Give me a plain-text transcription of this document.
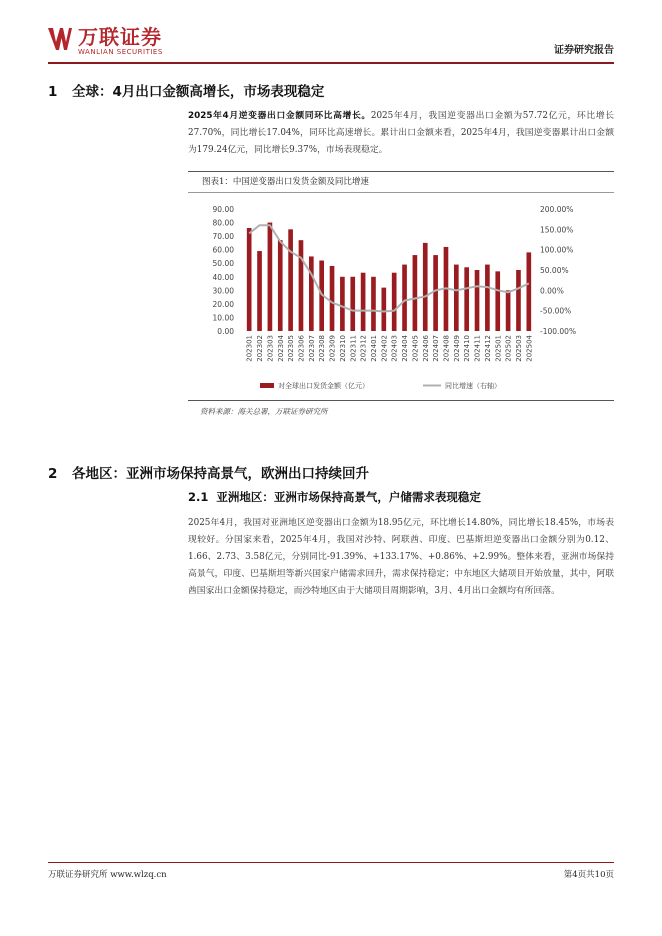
万联证券
WANLIAN SECURITIES	证券研究报告
1 全球：4月出口金额高增长，市场表现稳定
2025年4月逆变器出口金额同环比高增长。2025年4月，我国逆变器出口金额为57.72亿元，环比增长27.70%，同比增长17.04%，同环比高速增长。累计出口金额来看，2025年4月，我国逆变器累计出口金额为179.24亿元，同比增长9.37%，市场表现稳定。
图表1：中国逆变器出口发货金额及同比增速
0.00
10.00
20.00
30.00
40.00
50.00
60.00
70.00
80.00
90.00
-100.00%
-50.00%
0.00%
50.00%
100.00%
150.00%
200.00%
202301 202302 202303 202304 202305 202306 202307 202308 202309 202310 202311 202312 202401 202402 202403 202404 202405 202406 202407 202408 202409 202410 202411 202412 202501 202502 202503 202504
对全球出口发货金额（亿元）	同比增速（右轴）
资料来源：海关总署，万联证券研究所
2 各地区：亚洲市场保持高景气，欧洲出口持续回升
2.1 亚洲地区：亚洲市场保持高景气，户储需求表现稳定
2025年4月，我国对亚洲地区逆变器出口金额为18.95亿元，环比增长14.80%，同比增长18.45%，市场表现较好。分国家来看，2025年4月，我国对沙特、阿联酋、印度、巴基斯坦逆变器出口金额分别为0.12、1.66、2.73、3.58亿元，分别同比-91.39%、+133.17%、+0.86%、+2.99%。整体来看，亚洲市场保持高景气，印度、巴基斯坦等新兴国家户储需求回升，需求保持稳定；中东地区大储项目开始放量，其中，阿联酋国家出口金额保持稳定，而沙特地区由于大储项目周期影响，3月、4月出口金额均有所回落。
万联证券研究所 www.wlzq.cn	第4页共10页
